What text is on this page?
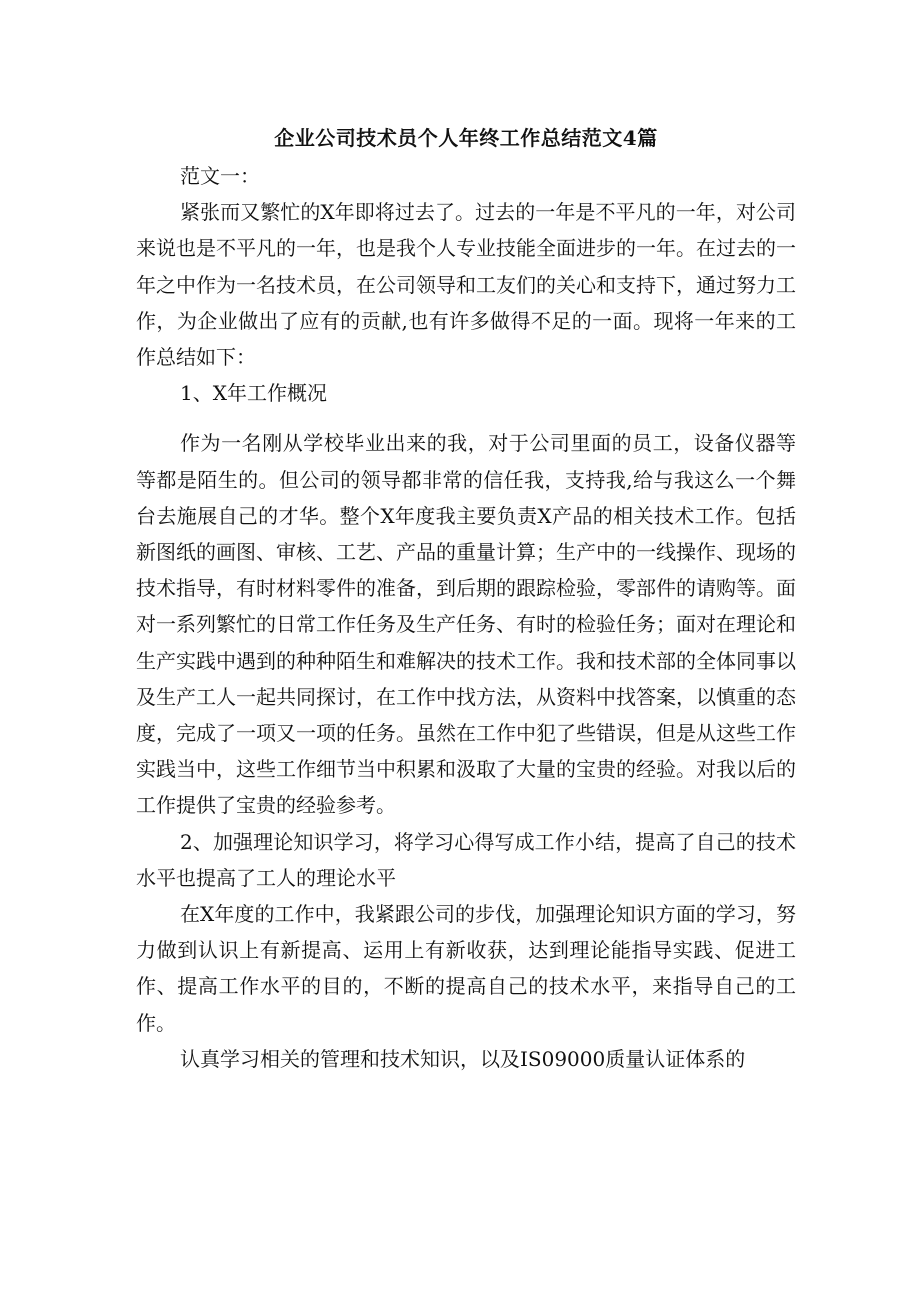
企业公司技术员个人年终工作总结范文4篇

范文一：

紧张而又繁忙的X年即将过去了。过去的一年是不平凡的一年，对公司来说也是不平凡的一年，也是我个人专业技能全面进步的一年。在过去的一年之中作为一名技术员，在公司领导和工友们的关心和支持下，通过努力工作，为企业做出了应有的贡献,也有许多做得不足的一面。现将一年来的工作总结如下：

1、X年工作概况

作为一名刚从学校毕业出来的我，对于公司里面的员工，设备仪器等等都是陌生的。但公司的领导都非常的信任我，支持我,给与我这么一个舞台去施展自己的才华。整个X年度我主要负责X产品的相关技术工作。包括新图纸的画图、审核、工艺、产品的重量计算；生产中的一线操作、现场的技术指导，有时材料零件的准备，到后期的跟踪检验，零部件的请购等。面对一系列繁忙的日常工作任务及生产任务、有时的检验任务；面对在理论和生产实践中遇到的种种陌生和难解决的技术工作。我和技术部的全体同事以及生产工人一起共同探讨，在工作中找方法，从资料中找答案，以慎重的态度，完成了一项又一项的任务。虽然在工作中犯了些错误，但是从这些工作实践当中，这些工作细节当中积累和汲取了大量的宝贵的经验。对我以后的工作提供了宝贵的经验参考。

2、加强理论知识学习，将学习心得写成工作小结，提高了自己的技术水平也提高了工人的理论水平

在X年度的工作中，我紧跟公司的步伐，加强理论知识方面的学习，努力做到认识上有新提高、运用上有新收获，达到理论能指导实践、促进工作、提高工作水平的目的，不断的提高自己的技术水平，来指导自己的工作。

认真学习相关的管理和技术知识，以及IS09000质量认证体系的
